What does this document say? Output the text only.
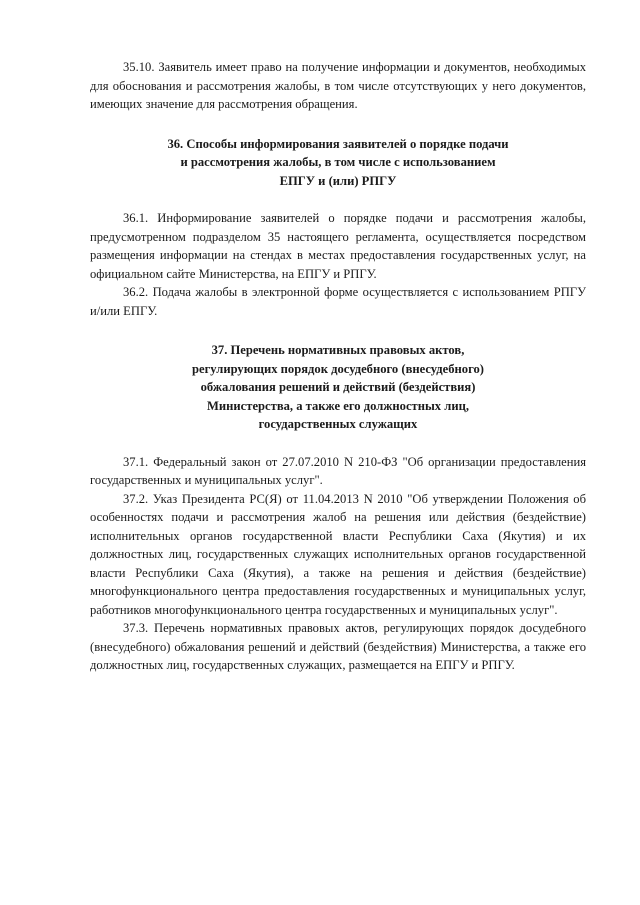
35.10. Заявитель имеет право на получение информации и документов, необходимых для обоснования и рассмотрения жалобы, в том числе отсутствующих у него документов, имеющих значение для рассмотрения обращения.

36. Способы информирования заявителей о порядке подачи
и рассмотрения жалобы, в том числе с использованием
ЕПГУ и (или) РПГУ

36.1. Информирование заявителей о порядке подачи и рассмотрения жалобы, предусмотренном подразделом 35 настоящего регламента, осуществляется посредством размещения информации на стендах в местах предоставления государственных услуг, на официальном сайте Министерства, на ЕПГУ и РПГУ.

36.2. Подача жалобы в электронной форме осуществляется с использованием РПГУ и/или ЕПГУ.

37. Перечень нормативных правовых актов,
регулирующих порядок досудебного (внесудебного)
обжалования решений и действий (бездействия)
Министерства, а также его должностных лиц,
государственных служащих

37.1. Федеральный закон от 27.07.2010 N 210-ФЗ "Об организации предоставления государственных и муниципальных услуг".

37.2. Указ Президента РС(Я) от 11.04.2013 N 2010 "Об утверждении Положения об особенностях подачи и рассмотрения жалоб на решения или действия (бездействие) исполнительных органов государственной власти Республики Саха (Якутия) и их должностных лиц, государственных служащих исполнительных органов государственной власти Республики Саха (Якутия), а также на решения и действия (бездействие) многофункционального центра предоставления государственных и муниципальных услуг, работников многофункционального центра государственных и муниципальных услуг".

37.3. Перечень нормативных правовых актов, регулирующих порядок досудебного (внесудебного) обжалования решений и действий (бездействия) Министерства, а также его должностных лиц, государственных служащих, размещается на ЕПГУ и РПГУ.
